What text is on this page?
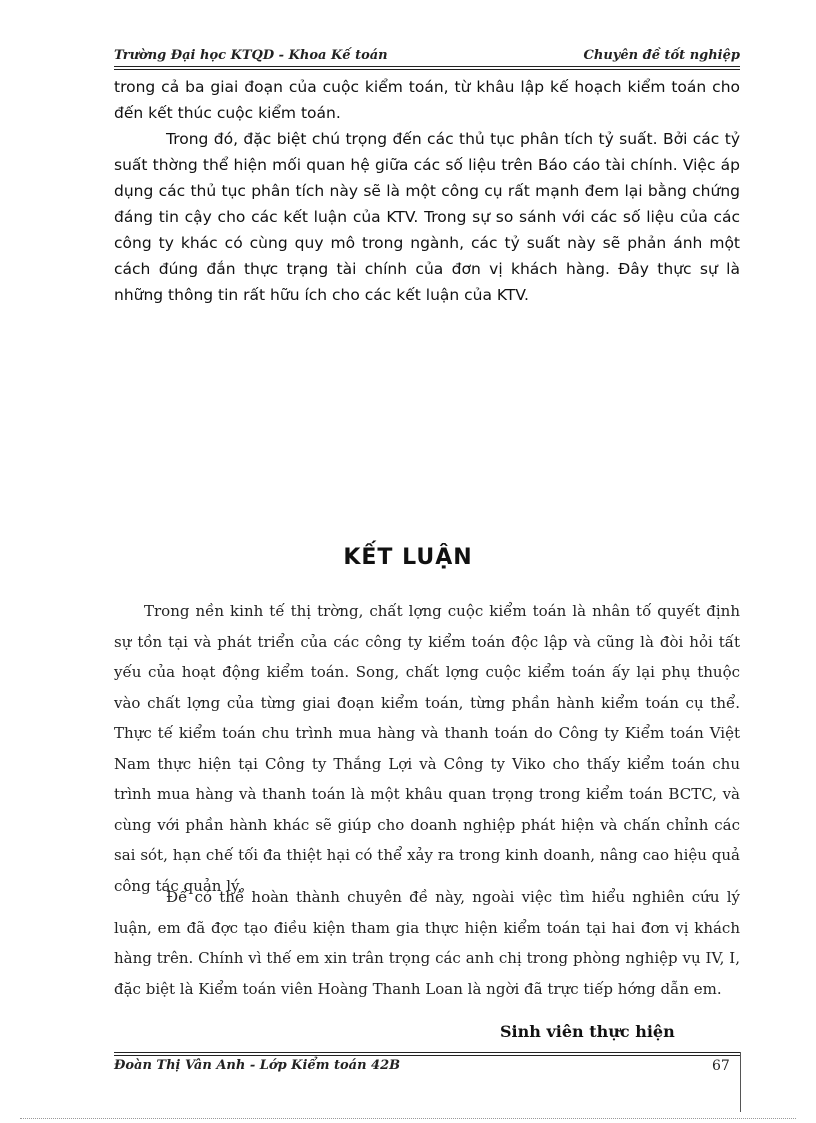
Trường Đại học KTQD - Khoa Kế toán	Chuyên đề tốt nghiệp
trong cả ba giai đoạn của cuộc kiểm toán, từ khâu lập kế hoạch kiểm toán cho đến kết thúc cuộc kiểm toán.
Trong đó, đặc biệt chú trọng đến các thủ tục phân tích tỷ suất. Bởi các tỷ suất thờng thể hiện mối quan hệ giữa các số liệu trên Báo cáo tài chính. Việc áp dụng các thủ tục phân tích này sẽ là một công cụ rất mạnh đem lại bằng chứng đáng tin cậy cho các kết luận của KTV. Trong sự so sánh với các số liệu của các công ty khác có cùng quy mô trong ngành, các tỷ suất này sẽ phản ánh một cách đúng đắn thực trạng tài chính của đơn vị khách hàng. Đây thực sự là những thông tin rất hữu ích cho các kết luận của KTV.
KẾT LUẬN
Trong nền kinh tế thị trờng, chất lợng cuộc kiểm toán là nhân tố quyết định sự tồn tại và phát triển của các công ty kiểm toán độc lập và cũng là đòi hỏi tất yếu của hoạt động kiểm toán. Song, chất lợng cuộc kiểm toán ấy lại phụ thuộc vào chất lợng của từng giai đoạn kiểm toán, từng phần hành kiểm toán cụ thể. Thực tế kiểm toán chu trình mua hàng và thanh toán do Công ty Kiểm toán Việt Nam thực hiện tại Công ty Thắng Lợi và Công ty Viko cho thấy kiểm toán chu trình mua hàng và thanh toán là một khâu quan trọng trong kiểm toán BCTC, và cùng với phần hành khác sẽ giúp cho doanh nghiệp phát hiện và chấn chỉnh các sai sót, hạn chế tối đa thiệt hại có thể xảy ra trong kinh doanh, nâng cao hiệu quả công tác quản lý.
Để có thể hoàn thành chuyên đề này, ngoài việc tìm hiểu nghiên cứu lý luận, em đã đợc tạo điều kiện tham gia thực hiện kiểm toán tại hai đơn vị khách hàng trên. Chính vì thế em xin trân trọng các anh chị trong phòng nghiệp vụ IV, I, đặc biệt là Kiểm toán viên Hoàng Thanh Loan là ngời đã trực tiếp hớng dẫn em.
Sinh viên thực hiện
Đoàn Thị Vân Anh - Lớp Kiểm toán 42B	67
